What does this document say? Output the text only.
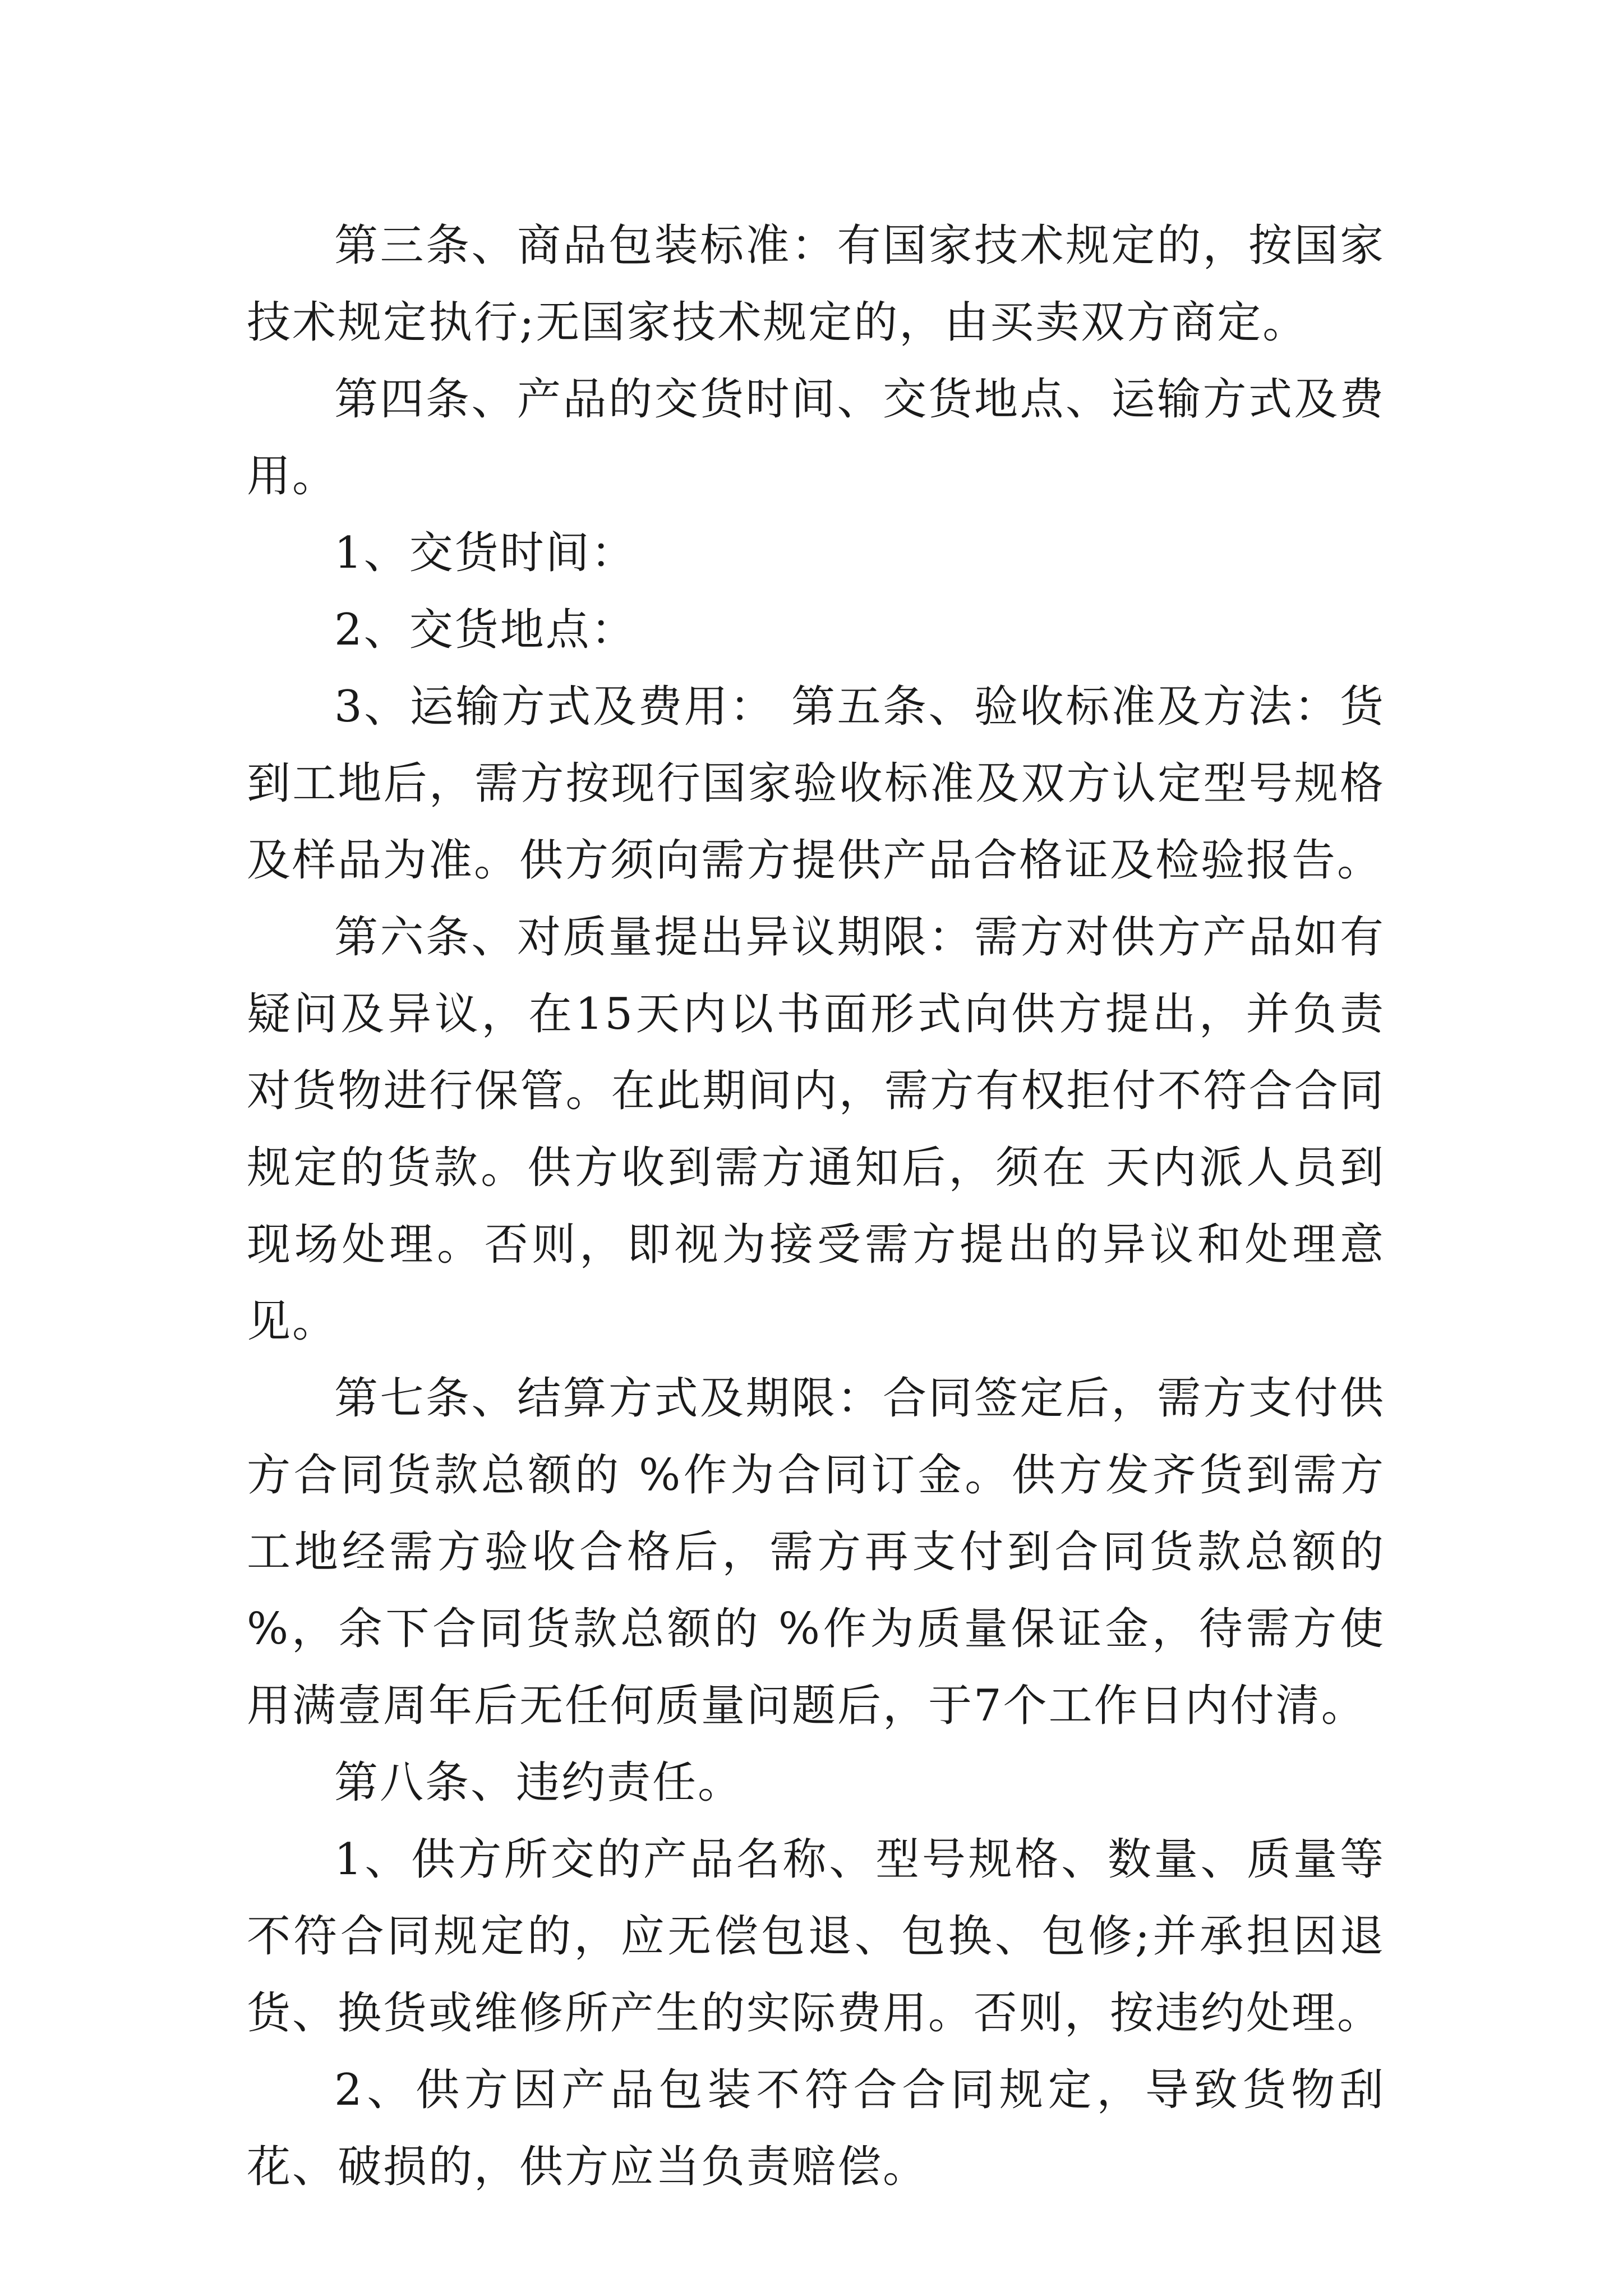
第三条、商品包装标准：有国家技术规定的，按国家技术规定执行;无国家技术规定的，由买卖双方商定。

第四条、产品的交货时间、交货地点、运输方式及费用。

1、交货时间：

2、交货地点：

3、运输方式及费用： 第五条、验收标准及方法：货到工地后，需方按现行国家验收标准及双方认定型号规格及样品为准。供方须向需方提供产品合格证及检验报告。

第六条、对质量提出异议期限：需方对供方产品如有疑问及异议，在15天内以书面形式向供方提出，并负责对货物进行保管。在此期间内，需方有权拒付不符合合同规定的货款。供方收到需方通知后，须在 天内派人员到现场处理。否则，即视为接受需方提出的异议和处理意见。

第七条、结算方式及期限：合同签定后，需方支付供方合同货款总额的 %作为合同订金。供方发齐货到需方工地经需方验收合格后，需方再支付到合同货款总额的 %，余下合同货款总额的 %作为质量保证金，待需方使用满壹周年后无任何质量问题后，于7个工作日内付清。

第八条、违约责任。

1、供方所交的产品名称、型号规格、数量、质量等不符合同规定的，应无偿包退、包换、包修;并承担因退货、换货或维修所产生的实际费用。否则，按违约处理。

2、供方因产品包装不符合合同规定，导致货物刮花、破损的，供方应当负责赔偿。
